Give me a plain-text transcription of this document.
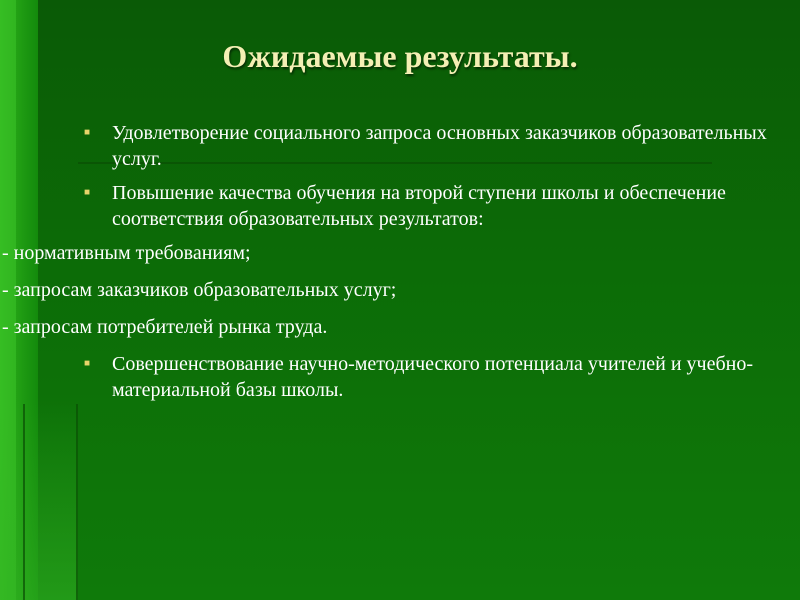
Ожидаемые результаты.
■	Удовлетворение социального запроса основных заказчиков образовательных услуг.
■	Повышение качества обучения на второй ступени школы и обеспечение соответствия образовательных результатов:
- нормативным требованиям;
- запросам заказчиков образовательных услуг;
- запросам потребителей рынка труда.
■	Совершенствование научно-методического потенциала учителей и учебно-материальной базы школы.
